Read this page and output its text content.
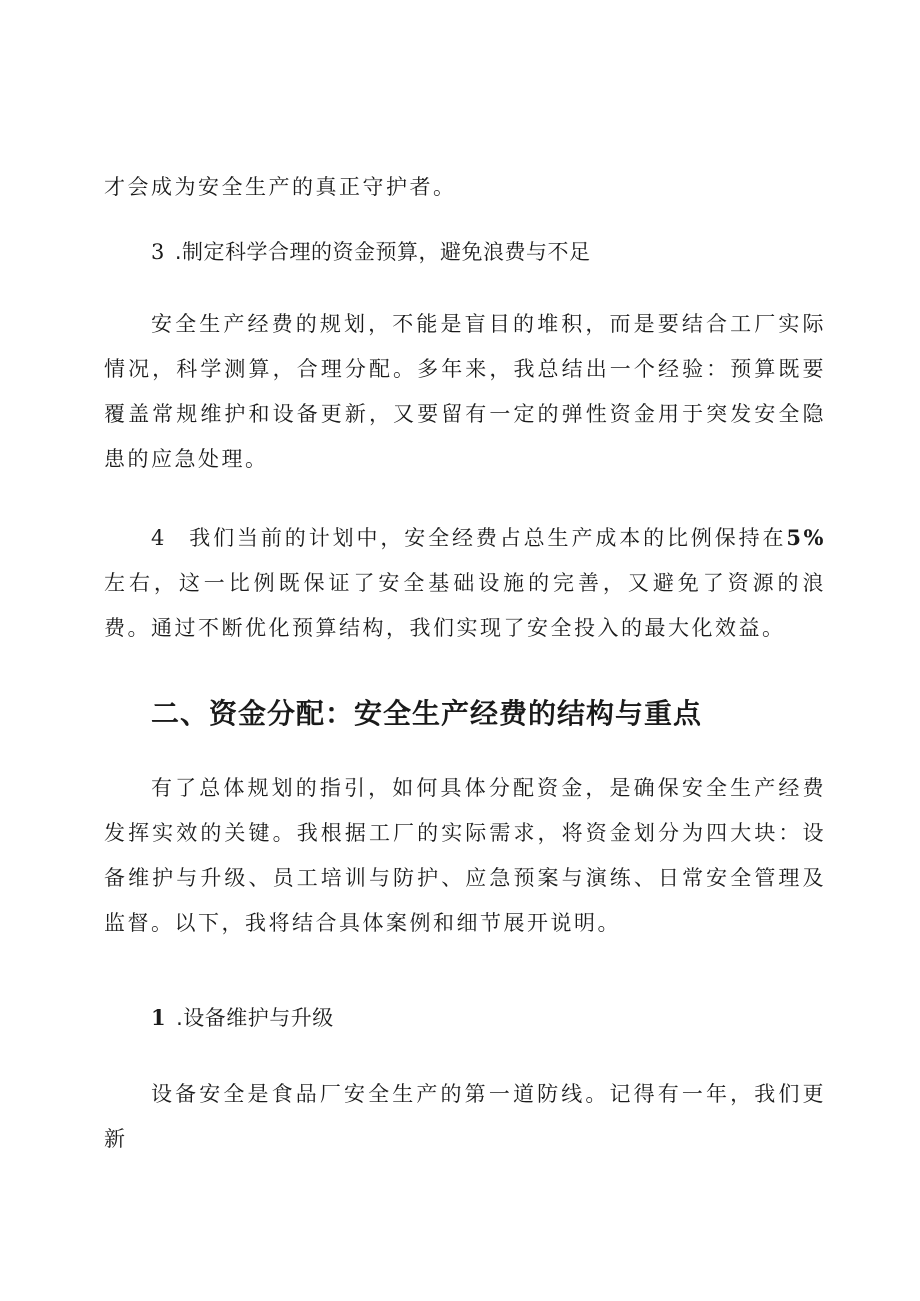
才会成为安全生产的真正守护者。

3 .制定科学合理的资金预算，避免浪费与不足

安全生产经费的规划，不能是盲目的堆积，而是要结合工厂实际情况，科学测算，合理分配。多年来，我总结出一个经验：预算既要覆盖常规维护和设备更新，又要留有一定的弹性资金用于突发安全隐患的应急处理。

4 我们当前的计划中，安全经费占总生产成本的比例保持在5%左右，这一比例既保证了安全基础设施的完善，又避免了资源的浪费。通过不断优化预算结构，我们实现了安全投入的最大化效益。

二、资金分配：安全生产经费的结构与重点

有了总体规划的指引，如何具体分配资金，是确保安全生产经费发挥实效的关键。我根据工厂的实际需求，将资金划分为四大块：设备维护与升级、员工培训与防护、应急预案与演练、日常安全管理及监督。以下，我将结合具体案例和细节展开说明。

1 .设备维护与升级

设备安全是食品厂安全生产的第一道防线。记得有一年，我们更新
